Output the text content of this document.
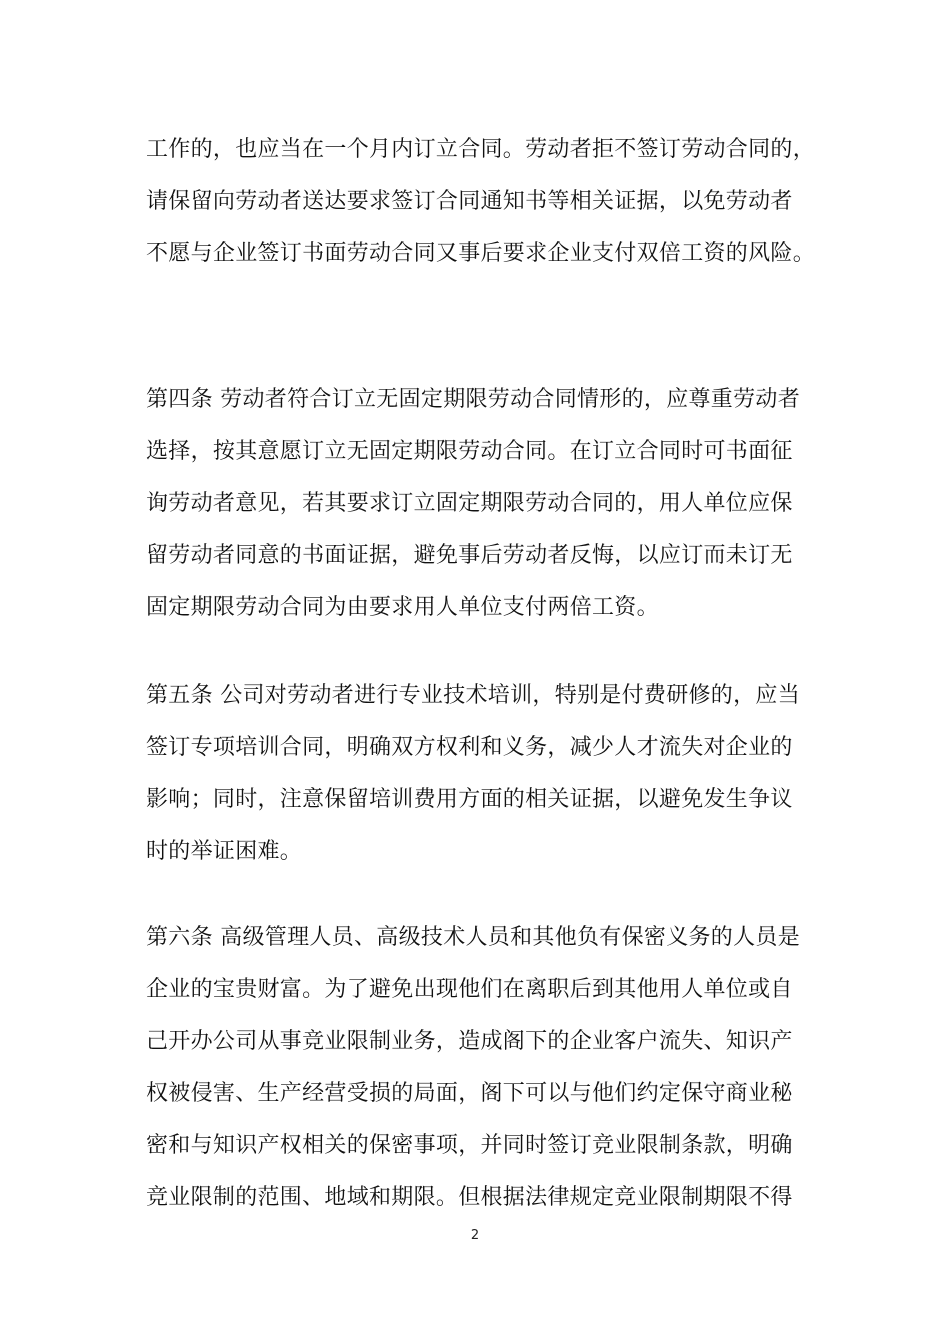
工作的，也应当在一个月内订立合同。劳动者拒不签订劳动合同的，
请保留向劳动者送达要求签订合同通知书等相关证据，以免劳动者
不愿与企业签订书面劳动合同又事后要求企业支付双倍工资的风险。
第四条 劳动者符合订立无固定期限劳动合同情形的，应尊重劳动者
选择，按其意愿订立无固定期限劳动合同。在订立合同时可书面征
询劳动者意见，若其要求订立固定期限劳动合同的，用人单位应保
留劳动者同意的书面证据，避免事后劳动者反悔，以应订而未订无
固定期限劳动合同为由要求用人单位支付两倍工资。
第五条 公司对劳动者进行专业技术培训，特别是付费研修的，应当
签订专项培训合同，明确双方权利和义务，减少人才流失对企业的
影响；同时，注意保留培训费用方面的相关证据，以避免发生争议
时的举证困难。
第六条 高级管理人员、高级技术人员和其他负有保密义务的人员是
企业的宝贵财富。为了避免出现他们在离职后到其他用人单位或自
己开办公司从事竞业限制业务，造成阁下的企业客户流失、知识产
权被侵害、生产经营受损的局面，阁下可以与他们约定保守商业秘
密和与知识产权相关的保密事项，并同时签订竞业限制条款，明确
竞业限制的范围、地域和期限。但根据法律规定竞业限制期限不得
2
